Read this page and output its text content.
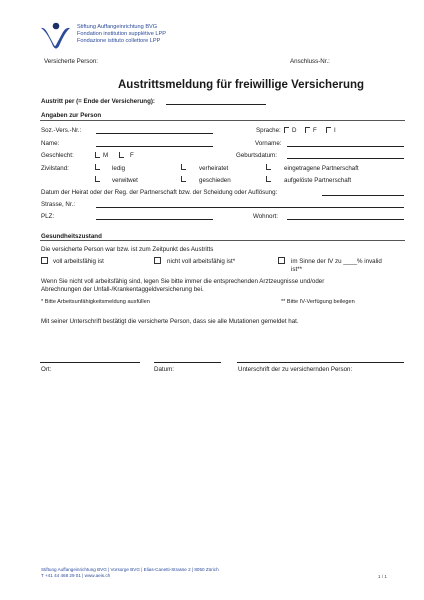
Stiftung Auffangeinrichtung BVG
Fondation institution supplétive LPP
Fondazione istituto collettore LPP
Versicherte Person:	Anschluss-Nr.:
Austrittsmeldung für freiwillige Versicherung
Austritt per (= Ende der Versicherung):
Angaben zur Person
Soz.-Vers.-Nr.:	Sprache: D	F	I
Name:	Vorname:
Geschlecht:	M	F	Geburtsdatum:
Zivilstand:	ledig	verheiratet	eingetragene Partnerschaft
verwitwet	geschieden	aufgelöste Partnerschaft
Datum der Heirat oder der Reg. der Partnerschaft bzw. der Scheidung oder Auflösung:
Strasse, Nr.:
PLZ:	Wohnort:
Gesundheitszustand
Die versicherte Person war bzw. ist zum Zeitpunkt des Austritts
voll arbeitsfähig ist	nicht voll arbeitsfähig ist*	im Sinne der IV zu ____% invalid
ist**
Wenn Sie nicht voll arbeitsfähig sind, legen Sie bitte immer die entsprechenden Arztzeugnisse und/oder
Abrechnungen der Unfall-/Krankentaggeldversicherung bei.
* Bitte Arbeitsunfähigkeitsmeldung ausfüllen	** Bitte IV-Verfügung beilegen
Mit seiner Unterschrift bestätigt die versicherte Person, dass sie alle Mutationen gemeldet hat.
Ort:	Datum:	Unterschrift der zu versichernden Person:
Stiftung Auffangeinrichtung BVG | Vorsorge BVG | Elias-Canetti-Strasse 2 | 8050 Zürich
T +41 44 468 29 01 | www.aeis.ch	1 / 1
